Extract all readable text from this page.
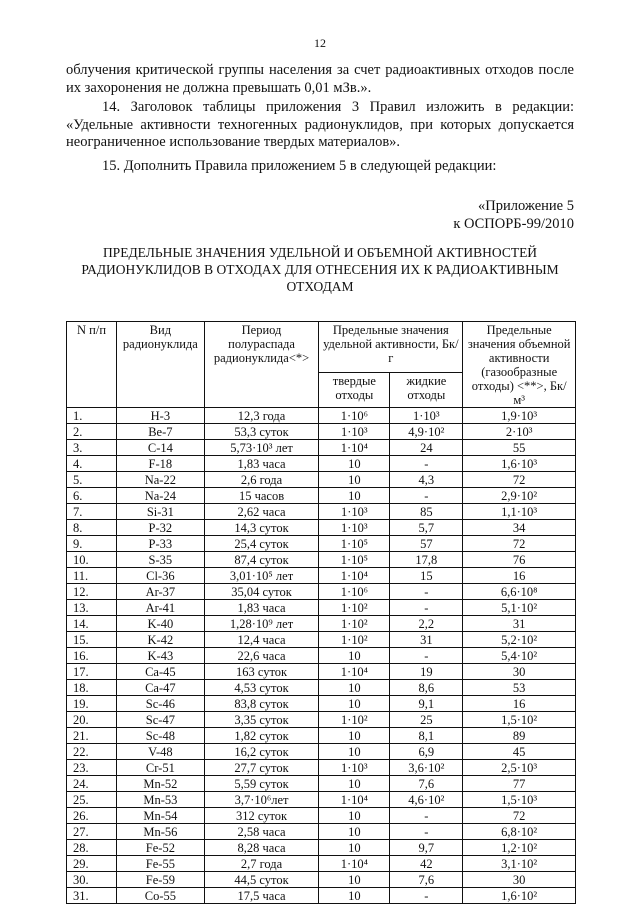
12
облучения критической группы населения за счет радиоактивных отходов после их захоронения не должна превышать 0,01 мЗв.».
14. Заголовок таблицы приложения 3 Правил изложить в редакции: «Удельные активности техногенных радионуклидов, при которых допускается неограниченное использование твердых материалов».
15. Дополнить Правила приложением 5 в следующей редакции:
«Приложение 5
к ОСПОРБ-99/2010
ПРЕДЕЛЬНЫЕ ЗНАЧЕНИЯ УДЕЛЬНОЙ И ОБЪЕМНОЙ АКТИВНОСТЕЙ
РАДИОНУКЛИДОВ В ОТХОДАХ ДЛЯ ОТНЕСЕНИЯ ИХ К РАДИОАКТИВНЫМ
ОТХОДАМ
N п/п	Вид радионуклида	Период полураспада радионуклида<*>	Предельные значения удельной активности, Бк/г		Предельные значения объемной активности (газообразные отходы) <**>, Бк/м³
			твердые отходы	жидкие отходы	
1.	H-3	12,3 года	1·10⁶	1·10³	1,9·10³
2.	Be-7	53,3 суток	1·10³	4,9·10²	2·10³
3.	C-14	5,73·10³ лет	1·10⁴	24	55
4.	F-18	1,83 часа	10	-	1,6·10³
5.	Na-22	2,6 года	10	4,3	72
6.	Na-24	15 часов	10	-	2,9·10²
7.	Si-31	2,62 часа	1·10³	85	1,1·10³
8.	P-32	14,3 суток	1·10³	5,7	34
9.	P-33	25,4 суток	1·10⁵	57	72
10.	S-35	87,4 суток	1·10⁵	17,8	76
11.	Cl-36	3,01·10⁵ лет	1·10⁴	15	16
12.	Ar-37	35,04 суток	1·10⁶	-	6,6·10⁸
13.	Ar-41	1,83 часа	1·10²	-	5,1·10²
14.	K-40	1,28·10⁹ лет	1·10²	2,2	31
15.	K-42	12,4 часа	1·10²	31	5,2·10²
16.	K-43	22,6 часа	10	-	5,4·10²
17.	Ca-45	163 суток	1·10⁴	19	30
18.	Ca-47	4,53 суток	10	8,6	53
19.	Sc-46	83,8 суток	10	9,1	16
20.	Sc-47	3,35 суток	1·10²	25	1,5·10²
21.	Sc-48	1,82 суток	10	8,1	89
22.	V-48	16,2 суток	10	6,9	45
23.	Cr-51	27,7 суток	1·10³	3,6·10²	2,5·10³
24.	Mn-52	5,59 суток	10	7,6	77
25.	Mn-53	3,7·10⁶лет	1·10⁴	4,6·10²	1,5·10³
26.	Mn-54	312 суток	10	-	72
27.	Mn-56	2,58 часа	10	-	6,8·10²
28.	Fe-52	8,28 часа	10	9,7	1,2·10²
29.	Fe-55	2,7 года	1·10⁴	42	3,1·10²
30.	Fe-59	44,5 суток	10	7,6	30
31.	Co-55	17,5 часа	10	-	1,6·10²
